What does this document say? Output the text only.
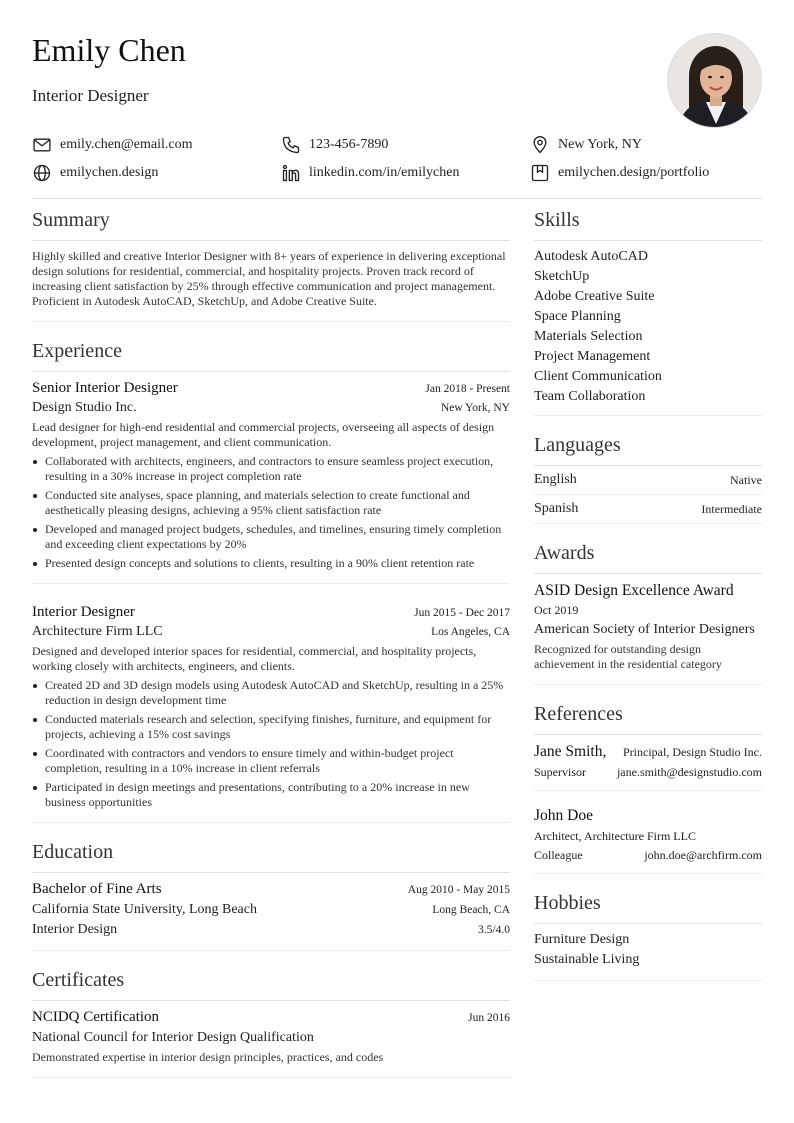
Emily Chen
Interior Designer
emily.chen@email.com	123-456-7890	New York, NY
emilychen.design	linkedin.com/in/emilychen	emilychen.design/portfolio
Summary
Highly skilled and creative Interior Designer with 8+ years of experience in delivering exceptional design solutions for residential, commercial, and hospitality projects. Proven track record of increasing client satisfaction by 25% through effective communication and project management. Proficient in Autodesk AutoCAD, SketchUp, and Adobe Creative Suite.
Experience
Senior Interior Designer	Jan 2018 - Present
Design Studio Inc.	New York, NY
Lead designer for high-end residential and commercial projects, overseeing all aspects of design development, project management, and client communication.
Collaborated with architects, engineers, and contractors to ensure seamless project execution, resulting in a 30% increase in project completion rate
Conducted site analyses, space planning, and materials selection to create functional and aesthetically pleasing designs, achieving a 95% client satisfaction rate
Developed and managed project budgets, schedules, and timelines, ensuring timely completion and exceeding client expectations by 20%
Presented design concepts and solutions to clients, resulting in a 90% client retention rate
Interior Designer	Jun 2015 - Dec 2017
Architecture Firm LLC	Los Angeles, CA
Designed and developed interior spaces for residential, commercial, and hospitality projects, working closely with architects, engineers, and clients.
Created 2D and 3D design models using Autodesk AutoCAD and SketchUp, resulting in a 25% reduction in design development time
Conducted materials research and selection, specifying finishes, furniture, and equipment for projects, achieving a 15% cost savings
Coordinated with contractors and vendors to ensure timely and within-budget project completion, resulting in a 10% increase in client referrals
Participated in design meetings and presentations, contributing to a 20% increase in new business opportunities
Education
Bachelor of Fine Arts	Aug 2010 - May 2015
California State University, Long Beach	Long Beach, CA
Interior Design	3.5/4.0
Certificates
NCIDQ Certification	Jun 2016
National Council for Interior Design Qualification
Demonstrated expertise in interior design principles, practices, and codes
Skills
Autodesk AutoCAD
SketchUp
Adobe Creative Suite
Space Planning
Materials Selection
Project Management
Client Communication
Team Collaboration
Languages
English	Native
Spanish	Intermediate
Awards
ASID Design Excellence Award
Oct 2019
American Society of Interior Designers
Recognized for outstanding design achievement in the residential category
References
Jane Smith, Principal, Design Studio Inc.
Supervisor	jane.smith@designstudio.com
John Doe
Architect, Architecture Firm LLC
Colleague	john.doe@archfirm.com
Hobbies
Furniture Design
Sustainable Living
